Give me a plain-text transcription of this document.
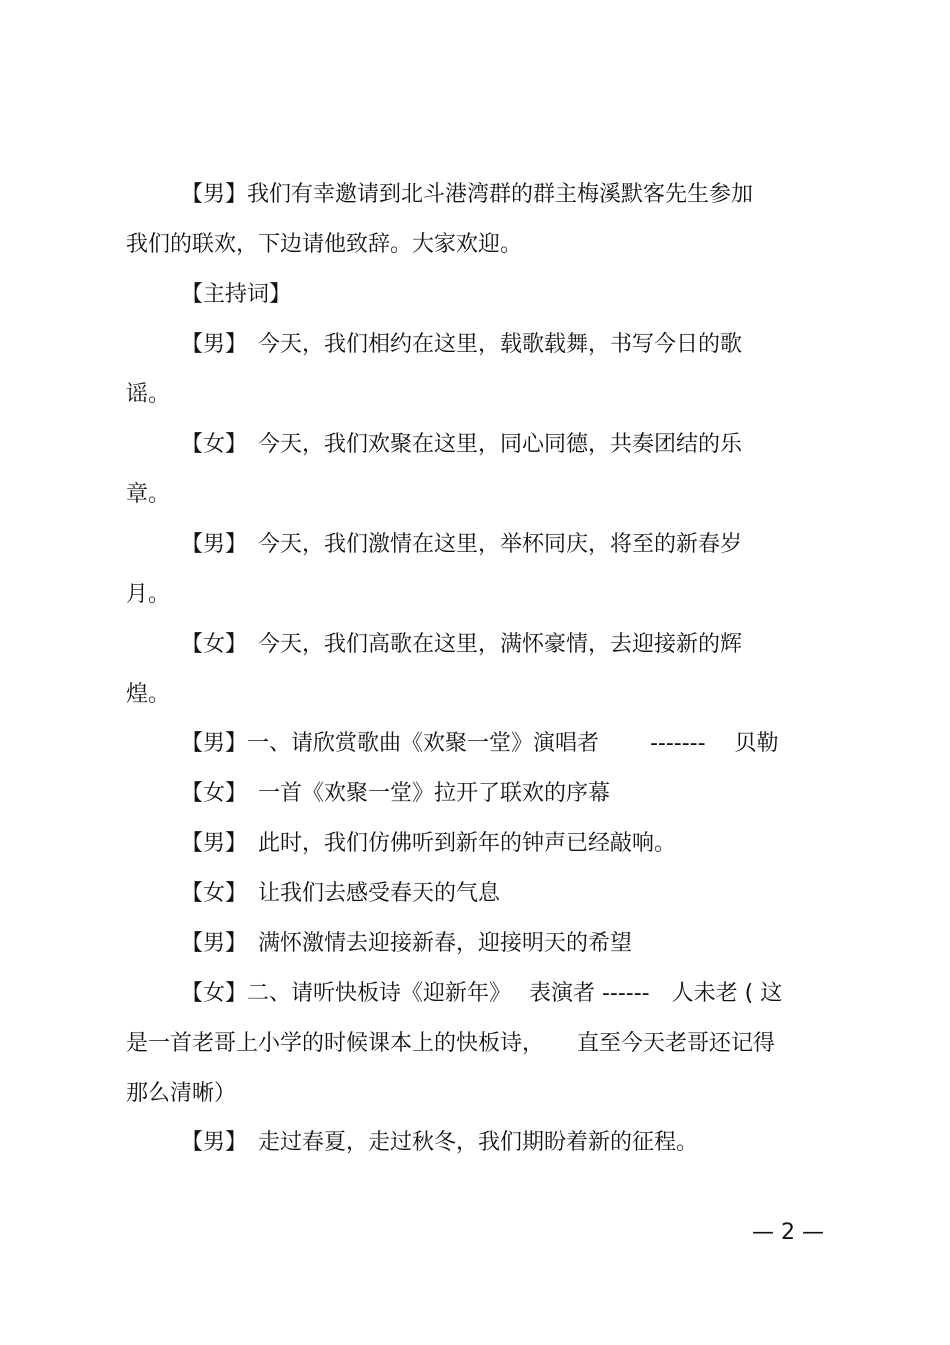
【男】我们有幸邀请到北斗港湾群的群主梅溪默客先生参加
我们的联欢，下边请他致辞。大家欢迎。
【主持词】
【男】　今天，我们相约在这里，载歌载舞，书写今日的歌
谣。
【女】　今天，我们欢聚在这里，同心同德，共奏团结的乐
章。
【男】　今天，我们激情在这里，举杯同庆，将至的新春岁
月。
【女】　今天，我们高歌在这里，满怀豪情，去迎接新的辉
煌。
【男】一、请欣赏歌曲《欢聚一堂》演唱者　　 -------　 贝勒
【女】　一首《欢聚一堂》拉开了联欢的序幕
【男】　此时，我们仿佛听到新年的钟声已经敲响。
【女】　让我们去感受春天的气息
【男】　满怀激情去迎接新春，迎接明天的希望
【女】二、请听快板诗《迎新年》　 表演者 ------　人未老 ( 这
是一首老哥上小学的时候课本上的快板诗，　　直至今天老哥还记得
那么清晰）
【男】　走过春夏，走过秋冬，我们期盼着新的征程。
— 2 —
